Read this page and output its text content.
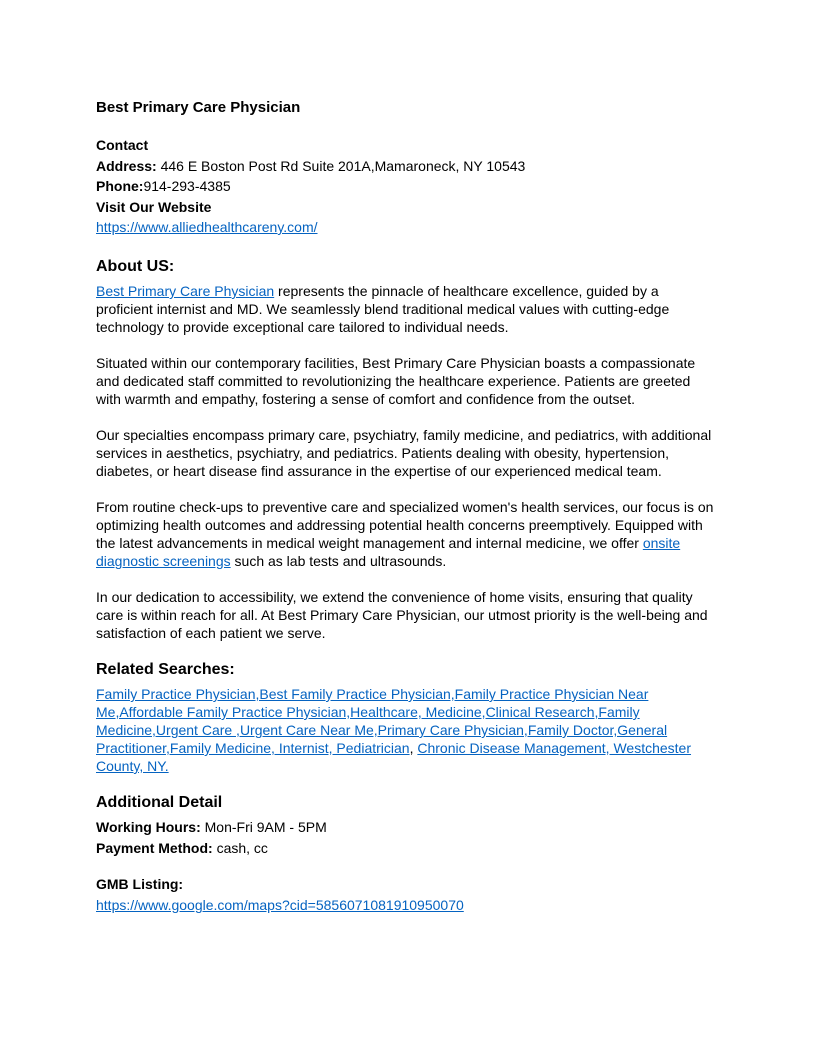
Best Primary Care Physician
Contact
Address: 446 E Boston Post Rd Suite 201A,Mamaroneck, NY 10543
Phone:914-293-4385
Visit Our Website
https://www.alliedhealthcareny.com/
About US:

Best Primary Care Physician represents the pinnacle of healthcare excellence, guided by a proficient internist and MD. We seamlessly blend traditional medical values with cutting-edge technology to provide exceptional care tailored to individual needs.

Situated within our contemporary facilities, Best Primary Care Physician boasts a compassionate and dedicated staff committed to revolutionizing the healthcare experience. Patients are greeted with warmth and empathy, fostering a sense of comfort and confidence from the outset.

Our specialties encompass primary care, psychiatry, family medicine, and pediatrics, with additional services in aesthetics, psychiatry, and pediatrics. Patients dealing with obesity, hypertension, diabetes, or heart disease find assurance in the expertise of our experienced medical team.

From routine check-ups to preventive care and specialized women's health services, our focus is on optimizing health outcomes and addressing potential health concerns preemptively. Equipped with the latest advancements in medical weight management and internal medicine, we offer onsite diagnostic screenings such as lab tests and ultrasounds.

In our dedication to accessibility, we extend the convenience of home visits, ensuring that quality care is within reach for all. At Best Primary Care Physician, our utmost priority is the well-being and satisfaction of each patient we serve.

Related Searches:

Family Practice Physician,Best Family Practice Physician,Family Practice Physician Near Me,Affordable Family Practice Physician,Healthcare, Medicine,Clinical Research,Family Medicine,Urgent Care ,Urgent Care Near Me,Primary Care Physician,Family Doctor,General Practitioner,Family Medicine, Internist, Pediatrician, Chronic Disease Management, Westchester County, NY.

Additional Detail
Working Hours: Mon-Fri 9AM - 5PM
Payment Method: cash, cc
GMB Listing:
https://www.google.com/maps?cid=5856071081910950070
